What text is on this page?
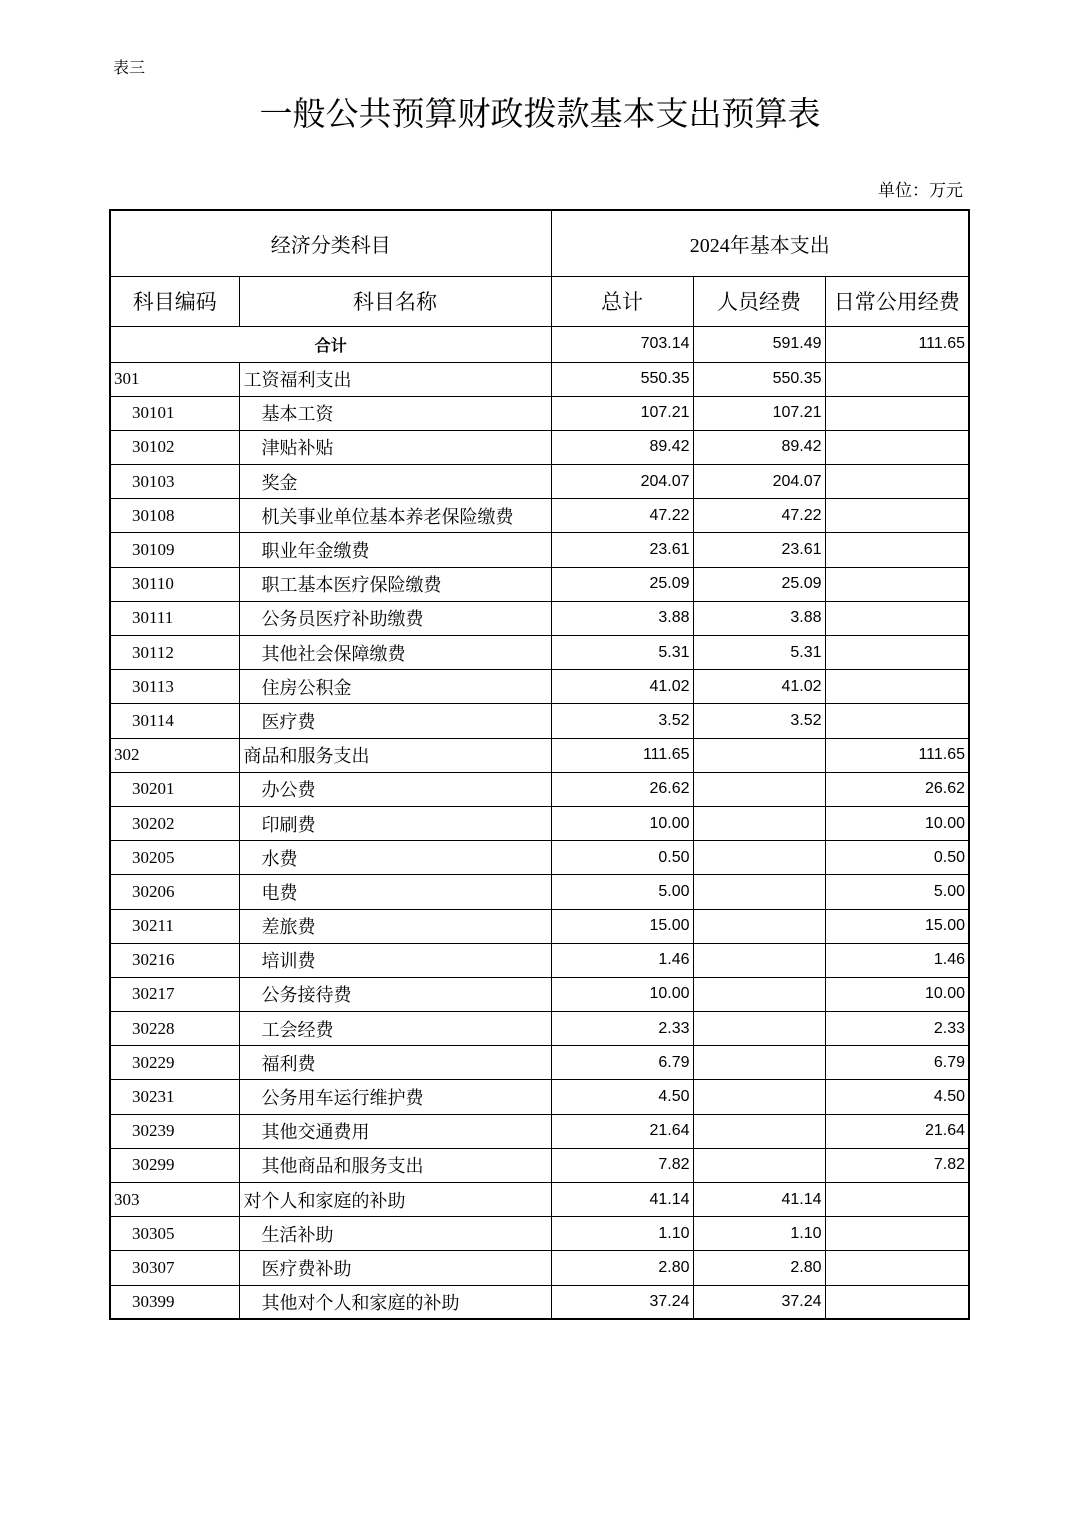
表三
一般公共预算财政拨款基本支出预算表
单位：万元
经济分类科目		2024年基本支出		
科目编码	科目名称	总计	人员经费	日常公用经费
合计		703.14	591.49	111.65
301	工资福利支出	550.35	550.35	
30101	基本工资	107.21	107.21	
30102	津贴补贴	89.42	89.42	
30103	奖金	204.07	204.07	
30108	机关事业单位基本养老保险缴费	47.22	47.22	
30109	职业年金缴费	23.61	23.61	
30110	职工基本医疗保险缴费	25.09	25.09	
30111	公务员医疗补助缴费	3.88	3.88	
30112	其他社会保障缴费	5.31	5.31	
30113	住房公积金	41.02	41.02	
30114	医疗费	3.52	3.52	
302	商品和服务支出	111.65		111.65
30201	办公费	26.62		26.62
30202	印刷费	10.00		10.00
30205	水费	0.50		0.50
30206	电费	5.00		5.00
30211	差旅费	15.00		15.00
30216	培训费	1.46		1.46
30217	公务接待费	10.00		10.00
30228	工会经费	2.33		2.33
30229	福利费	6.79		6.79
30231	公务用车运行维护费	4.50		4.50
30239	其他交通费用	21.64		21.64
30299	其他商品和服务支出	7.82		7.82
303	对个人和家庭的补助	41.14	41.14	
30305	生活补助	1.10	1.10	
30307	医疗费补助	2.80	2.80	
30399	其他对个人和家庭的补助	37.24	37.24	
